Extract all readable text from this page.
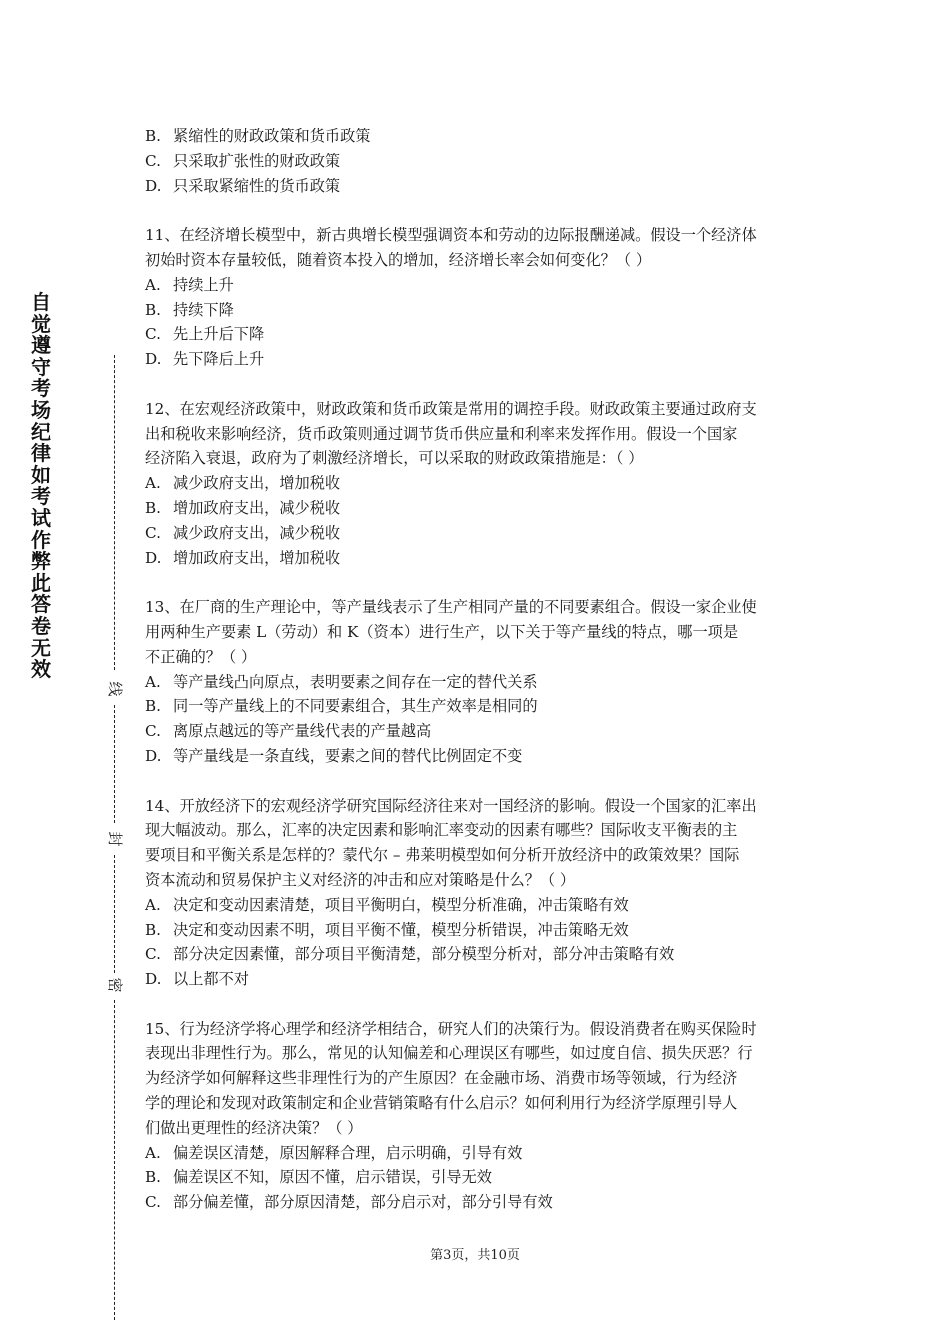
自觉遵守考场纪律如考试作弊此答卷无效
线
封
密
B. 紧缩性的财政政策和货币政策
C. 只采取扩张性的财政政策
D. 只采取紧缩性的货币政策
11、在经济增长模型中，新古典增长模型强调资本和劳动的边际报酬递减。假设一个经济体
初始时资本存量较低，随着资本投入的增加，经济增长率会如何变化？（ ）
A. 持续上升
B. 持续下降
C. 先上升后下降
D. 先下降后上升
12、在宏观经济政策中，财政政策和货币政策是常用的调控手段。财政政策主要通过政府支
出和税收来影响经济，货币政策则通过调节货币供应量和利率来发挥作用。假设一个国家
经济陷入衰退，政府为了刺激经济增长，可以采取的财政政策措施是：（ ）
A. 减少政府支出，增加税收
B. 增加政府支出，减少税收
C. 减少政府支出，减少税收
D. 增加政府支出，增加税收
13、在厂商的生产理论中，等产量线表示了生产相同产量的不同要素组合。假设一家企业使
用两种生产要素 L（劳动）和 K（资本）进行生产，以下关于等产量线的特点，哪一项是
不正确的？（ ）
A. 等产量线凸向原点，表明要素之间存在一定的替代关系
B. 同一等产量线上的不同要素组合，其生产效率是相同的
C. 离原点越远的等产量线代表的产量越高
D. 等产量线是一条直线，要素之间的替代比例固定不变
14、开放经济下的宏观经济学研究国际经济往来对一国经济的影响。假设一个国家的汇率出
现大幅波动。那么，汇率的决定因素和影响汇率变动的因素有哪些？国际收支平衡表的主
要项目和平衡关系是怎样的？蒙代尔 – 弗莱明模型如何分析开放经济中的政策效果？国际
资本流动和贸易保护主义对经济的冲击和应对策略是什么？（ ）
A. 决定和变动因素清楚，项目平衡明白，模型分析准确，冲击策略有效
B. 决定和变动因素不明，项目平衡不懂，模型分析错误，冲击策略无效
C. 部分决定因素懂，部分项目平衡清楚，部分模型分析对，部分冲击策略有效
D. 以上都不对
15、行为经济学将心理学和经济学相结合，研究人们的决策行为。假设消费者在购买保险时
表现出非理性行为。那么，常见的认知偏差和心理误区有哪些，如过度自信、损失厌恶？行
为经济学如何解释这些非理性行为的产生原因？在金融市场、消费市场等领域，行为经济
学的理论和发现对政策制定和企业营销策略有什么启示？如何利用行为经济学原理引导人
们做出更理性的经济决策？（ ）
A. 偏差误区清楚，原因解释合理，启示明确，引导有效
B. 偏差误区不知，原因不懂，启示错误，引导无效
C. 部分偏差懂，部分原因清楚，部分启示对，部分引导有效
第3页，共10页
